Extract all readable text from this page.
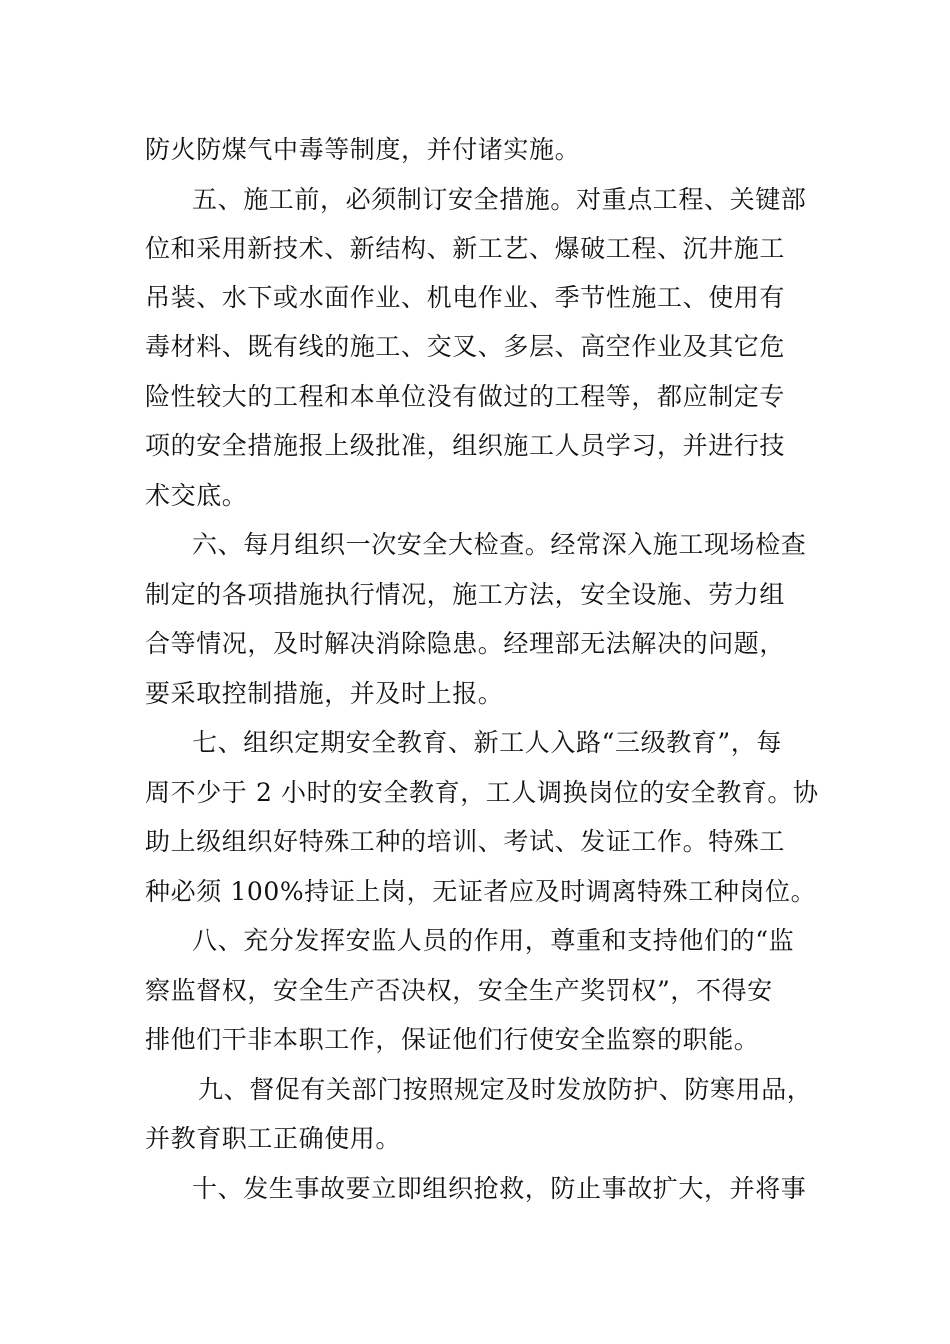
防火防煤气中毒等制度，并付诸实施。
五、施工前，必须制订安全措施。对重点工程、关键部
位和采用新技术、新结构、新工艺、爆破工程、沉井施工
吊装、水下或水面作业、机电作业、季节性施工、使用有
毒材料、既有线的施工、交叉、多层、高空作业及其它危
险性较大的工程和本单位没有做过的工程等，都应制定专
项的安全措施报上级批准，组织施工人员学习，并进行技
术交底。
六、每月组织一次安全大检查。经常深入施工现场检查
制定的各项措施执行情况，施工方法，安全设施、劳力组
合等情况，及时解决消除隐患。经理部无法解决的问题，
要采取控制措施，并及时上报。
七、组织定期安全教育、新工人入路“三级教育”，每
周不少于 2 小时的安全教育，工人调换岗位的安全教育。协
助上级组织好特殊工种的培训、考试、发证工作。特殊工
种必须 100%持证上岗，无证者应及时调离特殊工种岗位。
八、充分发挥安监人员的作用，尊重和支持他们的“监
察监督权，安全生产否决权，安全生产奖罚权”，不得安
排他们干非本职工作，保证他们行使安全监察的职能。
九、督促有关部门按照规定及时发放防护、防寒用品，
并教育职工正确使用。
十、发生事故要立即组织抢救，防止事故扩大，并将事
